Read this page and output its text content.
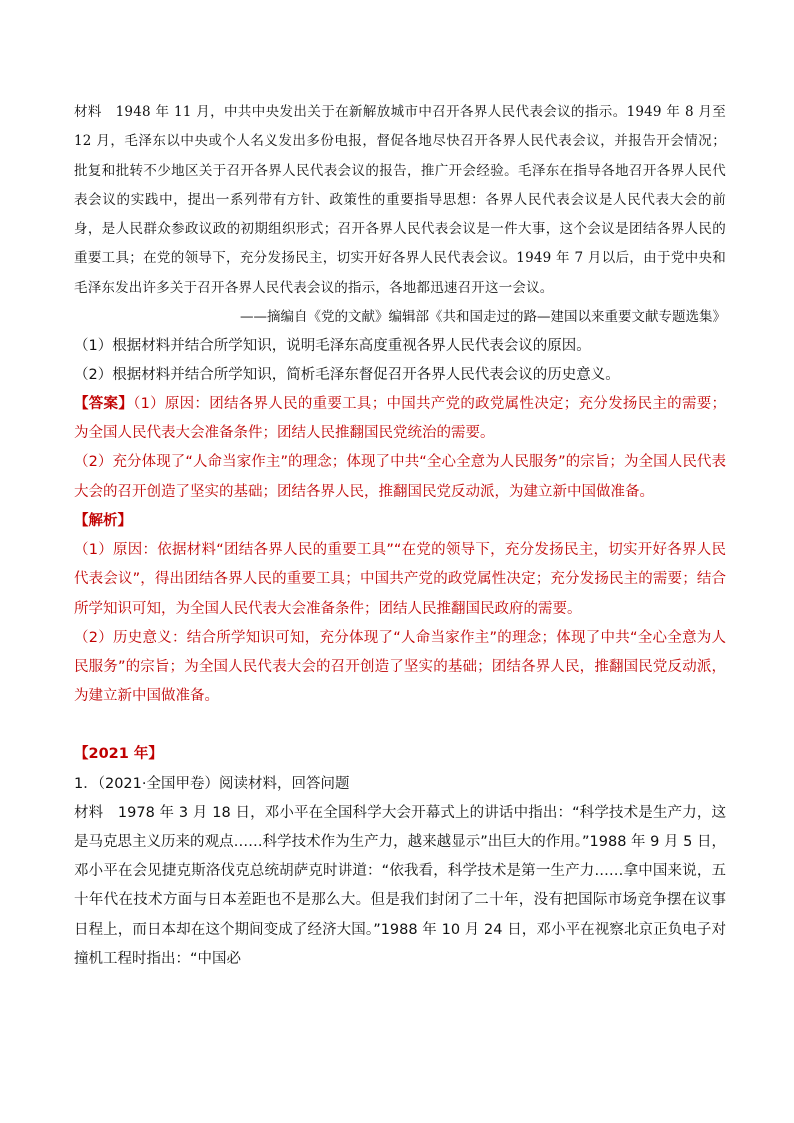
材料　1948 年 11 月，中共中央发出关于在新解放城市中召开各界人民代表会议的指示。1949 年 8 月至 12 月，毛泽东以中央或个人名义发出多份电报，督促各地尽快召开各界人民代表会议，并报告开会情况；批复和批转不少地区关于召开各界人民代表会议的报告，推广开会经验。毛泽东在指导各地召开各界人民代表会议的实践中，提出一系列带有方针、政策性的重要指导思想：各界人民代表会议是人民代表大会的前身，是人民群众参政议政的初期组织形式；召开各界人民代表会议是一件大事，这个会议是团结各界人民的重要工具；在党的领导下，充分发扬民主，切实开好各界人民代表会议。1949 年 7 月以后，由于党中央和毛泽东发出许多关于召开各界人民代表会议的指示，各地都迅速召开这一会议。

——摘编自《党的文献》编辑部《共和国走过的路—建国以来重要文献专题选集》

（1）根据材料并结合所学知识，说明毛泽东高度重视各界人民代表会议的原因。

（2）根据材料并结合所学知识，简析毛泽东督促召开各界人民代表会议的历史意义。

【答案】（1）原因：团结各界人民的重要工具；中国共产党的政党属性决定；充分发扬民主的需要；为全国人民代表大会准备条件；团结人民推翻国民党统治的需要。

（2）充分体现了“人命当家作主”的理念；体现了中共“全心全意为人民服务”的宗旨；为全国人民代表大会的召开创造了坚实的基础；团结各界人民，推翻国民党反动派，为建立新中国做准备。

【解析】

（1）原因：依据材料“团结各界人民的重要工具”“在党的领导下，充分发扬民主，切实开好各界人民代表会议”，得出团结各界人民的重要工具；中国共产党的政党属性决定；充分发扬民主的需要；结合所学知识可知，为全国人民代表大会准备条件；团结人民推翻国民政府的需要。

（2）历史意义：结合所学知识可知，充分体现了“人命当家作主”的理念；体现了中共“全心全意为人民服务”的宗旨；为全国人民代表大会的召开创造了坚实的基础；团结各界人民，推翻国民党反动派，为建立新中国做准备。

【2021 年】

1．（2021·全国甲卷）阅读材料，回答问题

材料　1978 年 3 月 18 日，邓小平在全国科学大会开幕式上的讲话中指出：“科学技术是生产力，这是马克思主义历来的观点……科学技术作为生产力，越来越显示”出巨大的作用。”1988 年 9 月 5 日，邓小平在会见捷克斯洛伐克总统胡萨克时讲道：“依我看，科学技术是第一生产力……拿中国来说，五十年代在技术方面与日本差距也不是那么大。但是我们封闭了二十年，没有把国际市场竞争摆在议事日程上，而日本却在这个期间变成了经济大国。”1988 年 10 月 24 日，邓小平在视察北京正负电子对撞机工程时指出：“中国必
